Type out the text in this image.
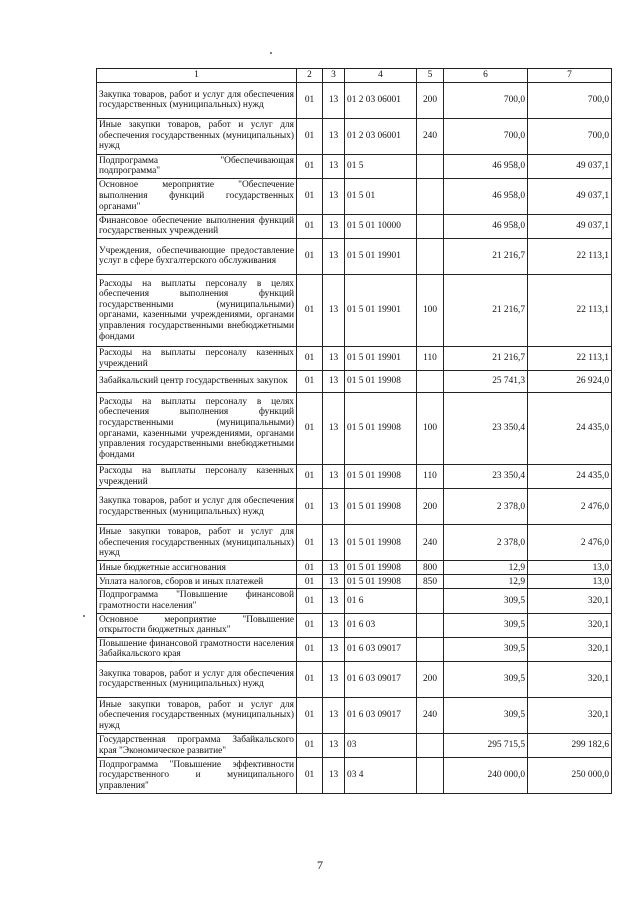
1	2	3	4	5	6	7
Закупка товаров, работ и услуг для обеспечения государственных (муниципальных) нужд	01	13	01 2 03 06001	200	700,0	700,0
Иные закупки товаров, работ и услуг для обеспечения государственных (муниципальных) нужд	01	13	01 2 03 06001	240	700,0	700,0
Подпрограмма "Обеспечивающая подпрограмма"	01	13	01 5		46 958,0	49 037,1
Основное мероприятие "Обеспечение выполнения функций государственных органами"	01	13	01 5 01		46 958,0	49 037,1
Финансовое обеспечение выполнения функций государственных учреждений	01	13	01 5 01 10000		46 958,0	49 037,1
Учреждения, обеспечивающие предоставление услуг в сфере бухгалтерского обслуживания	01	13	01 5 01 19901		21 216,7	22 113,1
Расходы на выплаты персоналу в целях обеспечения выполнения функций государственными (муниципальными) органами, казенными учреждениями, органами управления государственными внебюджетными фондами	01	13	01 5 01 19901	100	21 216,7	22 113,1
Расходы на выплаты персоналу казенных учреждений	01	13	01 5 01 19901	110	21 216,7	22 113,1
Забайкальский центр государственных закупок	01	13	01 5 01 19908		25 741,3	26 924,0
Расходы на выплаты персоналу в целях обеспечения выполнения функций государственными (муниципальными) органами, казенными учреждениями, органами управления государственными внебюджетными фондами	01	13	01 5 01 19908	100	23 350,4	24 435,0
Расходы на выплаты персоналу казенных учреждений	01	13	01 5 01 19908	110	23 350,4	24 435,0
Закупка товаров, работ и услуг для обеспечения государственных (муниципальных) нужд	01	13	01 5 01 19908	200	2 378,0	2 476,0
Иные закупки товаров, работ и услуг для обеспечения государственных (муниципальных) нужд	01	13	01 5 01 19908	240	2 378,0	2 476,0
Иные бюджетные ассигнования	01	13	01 5 01 19908	800	12,9	13,0
Уплата налогов, сборов и иных платежей	01	13	01 5 01 19908	850	12,9	13,0
Подпрограмма "Повышение финансовой грамотности населения"	01	13	01 6		309,5	320,1
Основное мероприятие "Повышение открытости бюджетных данных"	01	13	01 6 03		309,5	320,1
Повышение финансовой грамотности населения Забайкальского края	01	13	01 6 03 09017		309,5	320,1
Закупка товаров, работ и услуг для обеспечения государственных (муниципальных) нужд	01	13	01 6 03 09017	200	309,5	320,1
Иные закупки товаров, работ и услуг для обеспечения государственных (муниципальных) нужд	01	13	01 6 03 09017	240	309,5	320,1
Государственная программа Забайкальского края "Экономическое развитие"	01	13	03		295 715,5	299 182,6
Подпрограмма "Повышение эффективности государственного и муниципального управления"	01	13	03 4		240 000,0	250 000,0
7
